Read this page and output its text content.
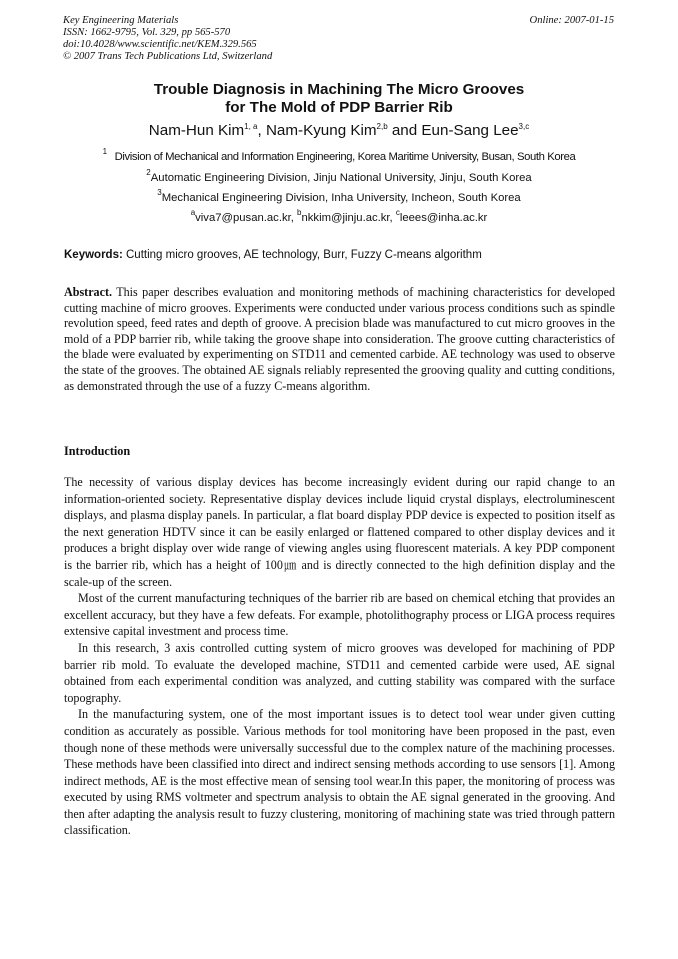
Key Engineering Materials
ISSN: 1662-9795, Vol. 329, pp 565-570
doi:10.4028/www.scientific.net/KEM.329.565
© 2007 Trans Tech Publications Ltd, Switzerland
Online: 2007-01-15
Trouble Diagnosis in Machining The Micro Grooves
for The Mold of PDP Barrier Rib
Nam-Hun Kim$^{1, a}$, Nam-Kyung Kim$^{2,b}$ and Eun-Sang Lee$^{3,c}$
$^1$ Division of Mechanical and Information Engineering, Korea Maritime University, Busan, South Korea
$^2$Automatic Engineering Division, Jinju National University, Jinju, South Korea
$^3$Mechanical Engineering Division, Inha University, Incheon, South Korea
$^a$viva7@pusan.ac.kr, $^b$nkkim@jinju.ac.kr, $^c$leees@inha.ac.kr
Keywords: Cutting micro grooves, AE technology, Burr, Fuzzy C-means algorithm

Abstract. This paper describes evaluation and monitoring methods of machining characteristics for developed cutting machine of micro grooves. Experiments were conducted under various process conditions such as spindle revolution speed, feed rates and depth of groove. A precision blade was manufactured to cut micro grooves in the mold of a PDP barrier rib, while taking the groove shape into consideration. The groove cutting characteristics of the blade were evaluated by experimenting on STD11 and cemented carbide. AE technology was used to observe the state of the grooves. The obtained AE signals reliably represented the grooving quality and cutting conditions, as demonstrated through the use of a fuzzy C-means algorithm.

Introduction

The necessity of various display devices has become increasingly evident during our rapid change to an information-oriented society. Representative display devices include liquid crystal displays, electroluminescent displays, and plasma display panels. In particular, a flat board display PDP device is expected to position itself as the next generation HDTV since it can be easily enlarged or flattened compared to other display devices and it produces a bright display over wide range of viewing angles using fluorescent materials. A key PDP component is the barrier rib, which has a height of 100㎛ and is directly connected to the high definition display and the scale-up of the screen.

Most of the current manufacturing techniques of the barrier rib are based on chemical etching that provides an excellent accuracy, but they have a few defeats. For example, photolithography process or LIGA process requires extensive capital investment and process time.

In this research, 3 axis controlled cutting system of micro grooves was developed for machining of PDP barrier rib mold. To evaluate the developed machine, STD11 and cemented carbide were used, AE signal obtained from each experimental condition was analyzed, and cutting stability was compared with the surface topography.

In the manufacturing system, one of the most important issues is to detect tool wear under given cutting condition as accurately as possible. Various methods for tool monitoring have been proposed in the past, even though none of these methods were universally successful due to the complex nature of the machining processes. These methods have been classified into direct and indirect sensing methods according to use sensors [1]. Among indirect methods, AE is the most effective mean of sensing tool wear.In this paper, the monitoring of process was executed by using RMS voltmeter and spectrum analysis to obtain the AE signal generated in the grooving. And then after adapting the analysis result to fuzzy clustering, monitoring of machining state was tried through pattern classification.
